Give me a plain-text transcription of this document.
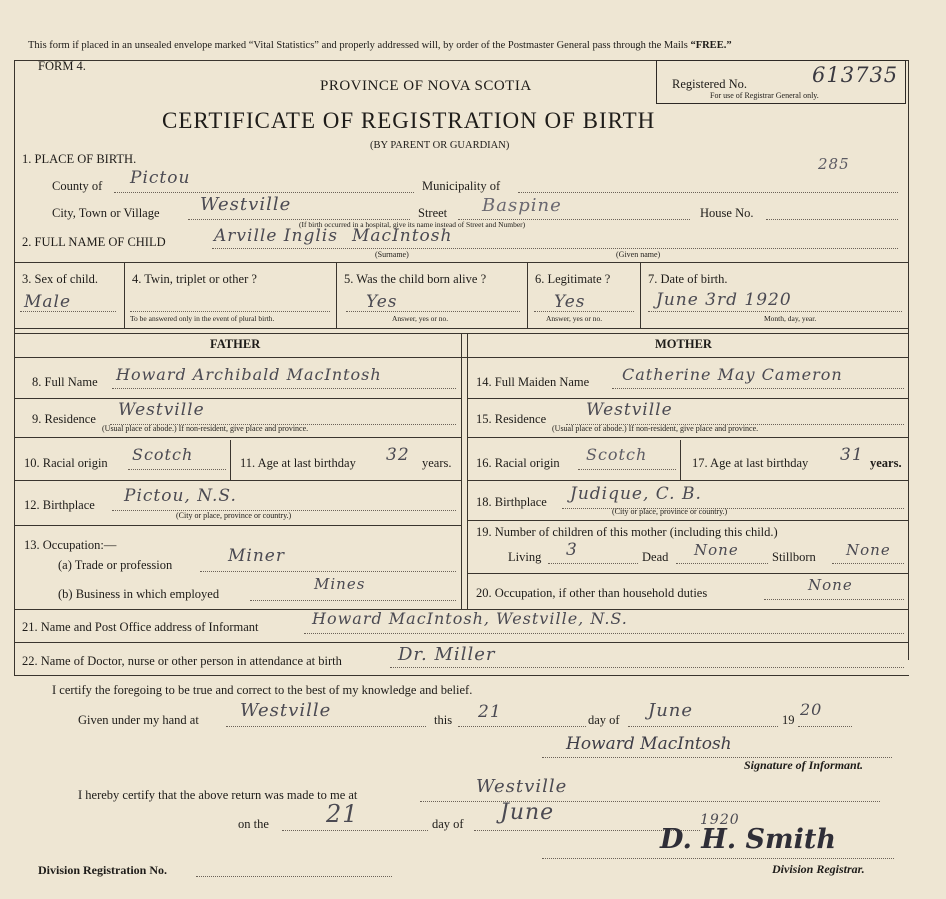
This form if placed in an unsealed envelope marked “Vital Statistics” and properly addressed will, by order of the Postmaster General pass through the Mails “FREE.”
FORM 4.
PROVINCE OF NOVA SCOTIA
CERTIFICATE OF REGISTRATION OF BIRTH
(BY PARENT OR GUARDIAN)
Registered No.	613735
For use of Registrar General only.
285
1. PLACE OF BIRTH.
County of Pictou	Municipality of
City, Town or Village Westville	Street Baspine	House No.
(If birth occurred in a hospital, give its name instead of Street and Number)
2. FULL NAME OF CHILD	Arville Inglis MacIntosh
(Surname)	(Given name)
3. Sex of child.
Male
4. Twin, triplet or other ?
To be answered only in the event of plural birth.
5. Was the child born alive ?
Yes
Answer, yes or no.
6. Legitimate ?
Yes
Answer, yes or no.
7. Date of birth.
June 3rd 1920
Month, day, year.
FATHER	MOTHER
8. Full Name Howard Archibald MacIntosh
9. Residence Westville
(Usual place of abode.) If non-resident, give place and province.
10. Racial origin Scotch	11. Age at last birthday 32 years.
12. Birthplace Pictou, N.S.
(City or place, province or country.)
13. Occupation:—
(a) Trade or profession	Miner
(b) Business in which employed
Mines
14. Full Maiden Name Catherine May Cameron
15. Residence Westville
(Usual place of abode.) If non-resident, give place and province.
16. Racial origin Scotch	17. Age at last birthday 31 years.
18. Birthplace Judique, C. B.
(City or place, province or country.)
19. Number of children of this mother (including this child.)
Living 3	Dead None	Stillborn None
20. Occupation, if other than household duties	None
21. Name and Post Office address of Informant	Howard MacIntosh, Westville, N.S.
22. Name of Doctor, nurse or other person in attendance at birth	Dr. Miller
I certify the foregoing to be true and correct to the best of my knowledge and belief.
Given under my hand at Westville	this 21	day of June	19
20
Howard MacIntosh
Signature of Informant.
I hereby certify that the above return was made to me at	Westville
on the 21	day of June	1920
Division Registration No.
D. H. Smith
Division Registrar.
